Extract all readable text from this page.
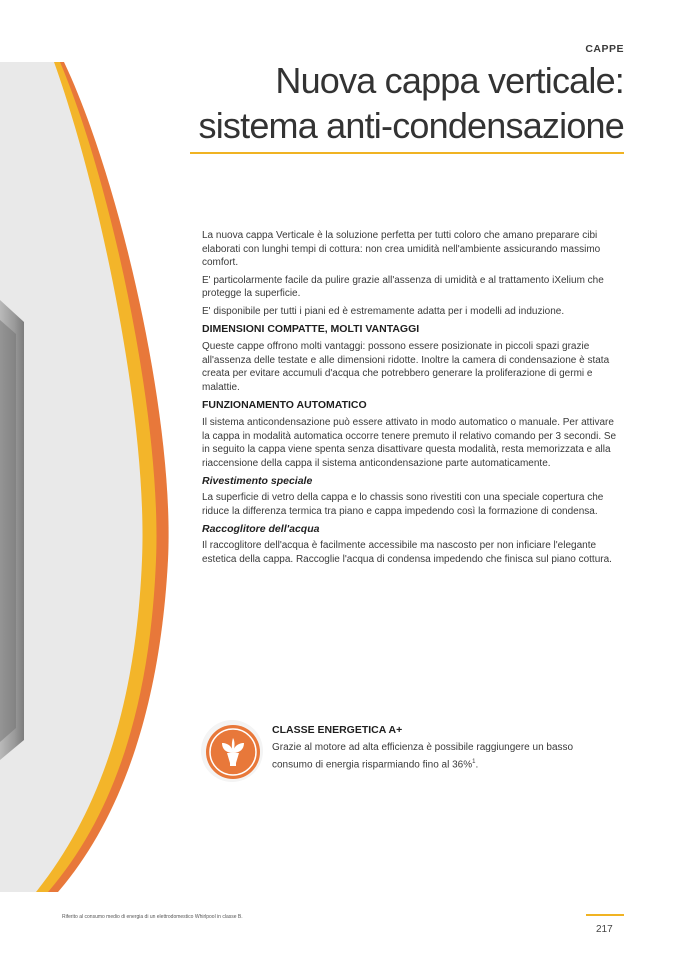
CAPPE
Nuova cappa verticale:
sistema anti-condensazione

La nuova cappa Verticale è la soluzione perfetta per tutti coloro che amano preparare cibi elaborati con lunghi tempi di cottura: non crea umidità nell'ambiente assicurando massimo comfort.

E' particolarmente facile da pulire grazie all'assenza di umidità e al trattamento iXelium che protegge la superficie.

E' disponibile per tutti i piani ed è estremamente adatta per i modelli ad induzione.

DIMENSIONI COMPATTE, MOLTI VANTAGGI

Queste cappe offrono molti vantaggi: possono essere posizionate in piccoli spazi grazie all'assenza delle testate e alle dimensioni ridotte. Inoltre la camera di condensazione è stata creata per evitare accumuli d'acqua che potrebbero generare la proliferazione di germi e malattie.

FUNZIONAMENTO AUTOMATICO

Il sistema anticondensazione può essere attivato in modo automatico o manuale. Per attivare la cappa in modalità automatica occorre tenere premuto il relativo comando per 3 secondi. Se in seguito la cappa viene spenta senza disattivare questa modalità, resta memorizzata e alla riaccensione della cappa il sistema anticondensazione parte automaticamente.

Rivestimento speciale

La superficie di vetro della cappa e lo chassis sono rivestiti con una speciale copertura che riduce la differenza termica tra piano e cappa impedendo così la formazione di condensa.

Raccoglitore dell'acqua

Il raccoglitore dell'acqua è facilmente accessibile ma nascosto per non inficiare l'elegante estetica della cappa. Raccoglie l'acqua di condensa impedendo che finisca sul piano cottura.

CLASSE ENERGETICA A+
Grazie al motore ad alta efficienza è possibile raggiungere un basso consumo di energia risparmiando fino al 36%$^1$.
Riferito al consumo medio di energia di un elettrodomestico Whirlpool in classe B.
217
